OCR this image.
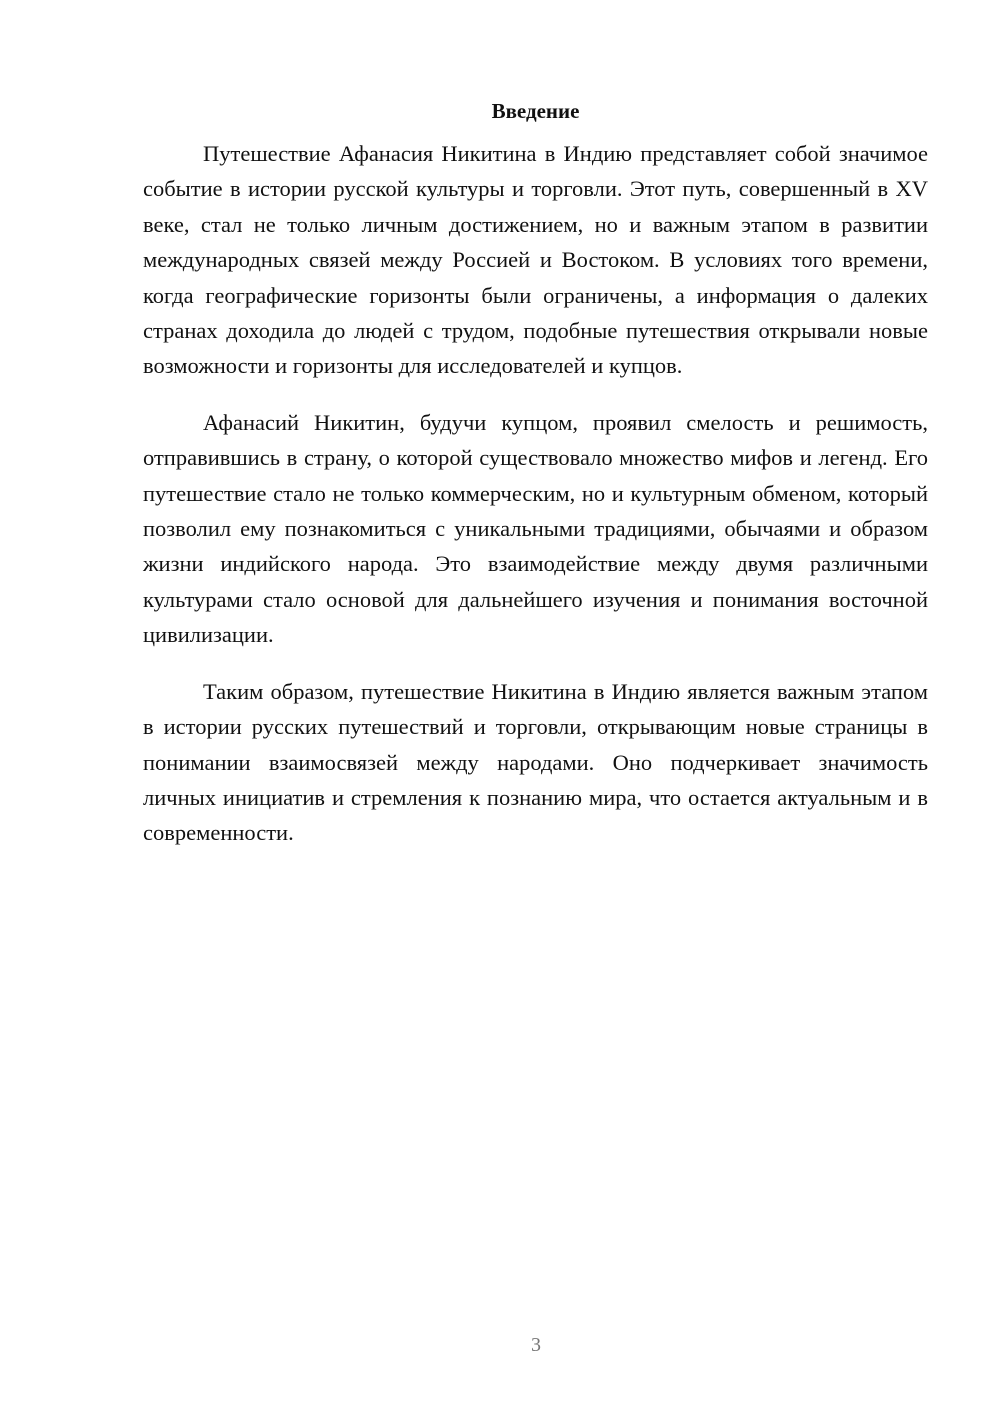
Введение

Путешествие Афанасия Никитина в Индию представляет собой значимое событие в истории русской культуры и торговли. Этот путь, совершенный в XV веке, стал не только личным достижением, но и важным этапом в развитии международных связей между Россией и Востоком. В условиях того времени, когда географические горизонты были ограничены, а информация о далеких странах доходила до людей с трудом, подобные путешествия открывали новые возможности и горизонты для исследователей и купцов.

Афанасий Никитин, будучи купцом, проявил смелость и решимость, отправившись в страну, о которой существовало множество мифов и легенд. Его путешествие стало не только коммерческим, но и культурным обменом, который позволил ему познакомиться с уникальными традициями, обычаями и образом жизни индийского народа. Это взаимодействие между двумя различными культурами стало основой для дальнейшего изучения и понимания восточной цивилизации.

Таким образом, путешествие Никитина в Индию является важным этапом в истории русских путешествий и торговли, открывающим новые страницы в понимании взаимосвязей между народами. Оно подчеркивает значимость личных инициатив и стремления к познанию мира, что остается актуальным и в современности.

3
